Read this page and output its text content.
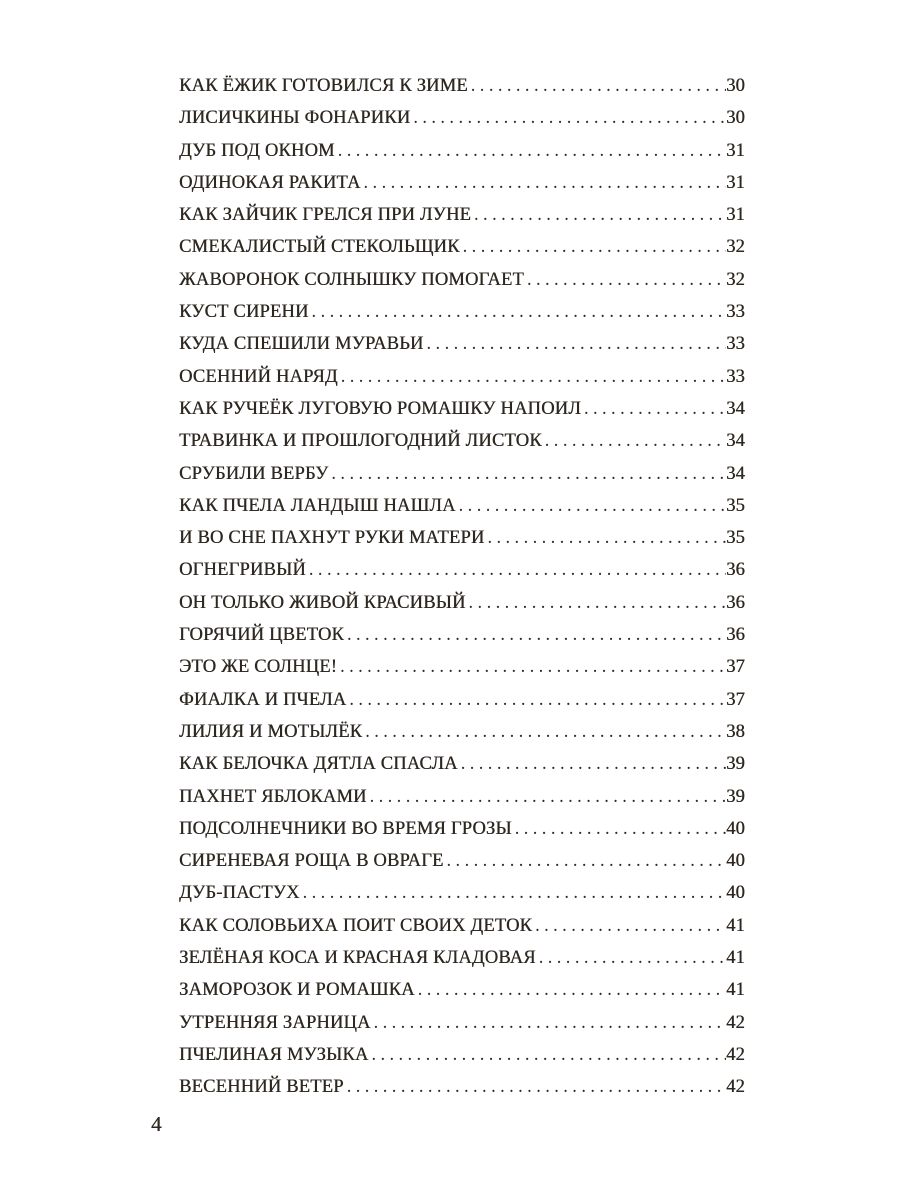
КАК ЁЖИК ГОТОВИЛСЯ К ЗИМЕ .....	30
ЛИСИЧКИНЫ ФОНАРИКИ .....	30
ДУБ ПОД ОКНОМ .....	31
ОДИНОКАЯ РАКИТА .....	31
КАК ЗАЙЧИК ГРЕЛСЯ ПРИ ЛУНЕ .....	31
СМЕКАЛИСТЫЙ СТЕКОЛЬЩИК .....	32
ЖАВОРОНОК СОЛНЫШКУ ПОМОГАЕТ .....	32
КУСТ СИРЕНИ .....	33
КУДА СПЕШИЛИ МУРАВЬИ .....	33
ОСЕННИЙ НАРЯД .....	33
КАК РУЧЕЁК ЛУГОВУЮ РОМАШКУ НАПОИЛ .....	34
ТРАВИНКА И ПРОШЛОГОДНИЙ ЛИСТОК .....	34
СРУБИЛИ ВЕРБУ .....	34
КАК ПЧЕЛА ЛАНДЫШ НАШЛА .....	35
И ВО СНЕ ПАХНУТ РУКИ МАТЕРИ .....	35
ОГНЕГРИВЫЙ .....	36
ОН ТОЛЬКО ЖИВОЙ КРАСИВЫЙ .....	36
ГОРЯЧИЙ ЦВЕТОК .....	36
ЭТО ЖЕ СОЛНЦЕ! .....	37
ФИАЛКА И ПЧЕЛА .....	37
ЛИЛИЯ И МОТЫЛЁК .....	38
КАК БЕЛОЧКА ДЯТЛА СПАСЛА .....	39
ПАХНЕТ ЯБЛОКАМИ .....	39
ПОДСОЛНЕЧНИКИ ВО ВРЕМЯ ГРОЗЫ .....	40
СИРЕНЕВАЯ РОЩА В ОВРАГЕ .....	40
ДУБ-ПАСТУХ .....	40
КАК СОЛОВЬИХА ПОИТ СВОИХ ДЕТОК .....	41
ЗЕЛЁНАЯ КОСА И КРАСНАЯ КЛАДОВАЯ .....	41
ЗАМОРОЗОК И РОМАШКА .....	41
УТРЕННЯЯ ЗАРНИЦА .....	42
ПЧЕЛИНАЯ МУЗЫКА .....	42
ВЕСЕННИЙ ВЕТЕР .....	42
4
